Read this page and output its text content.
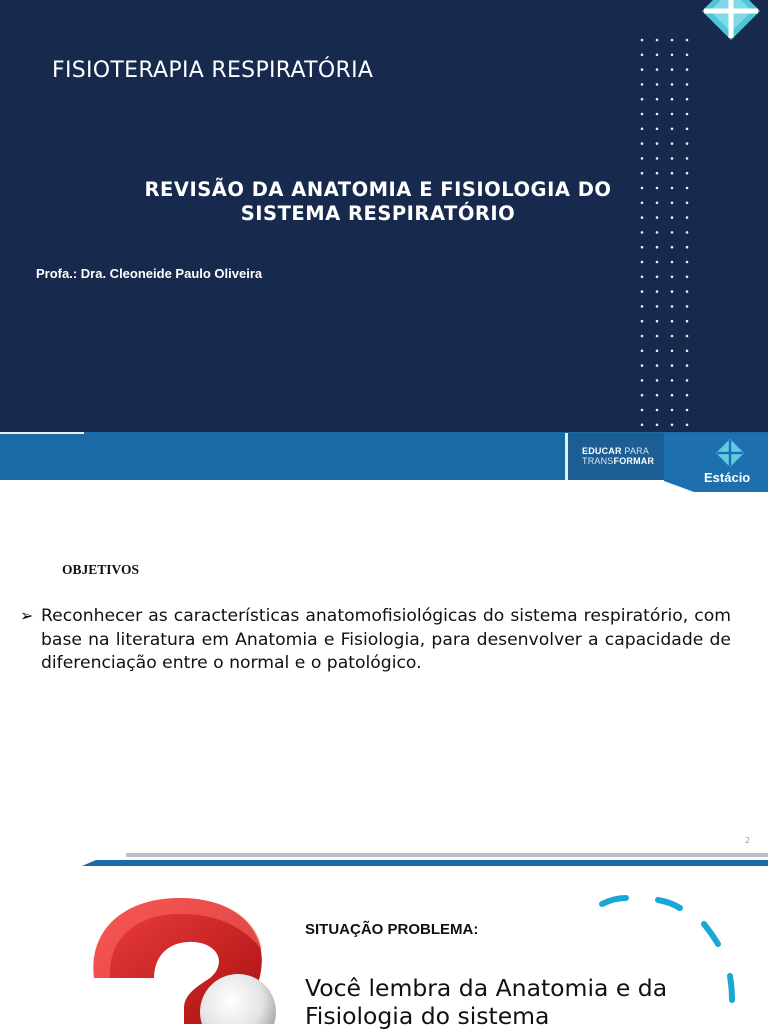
FISIOTERAPIA RESPIRATÓRIA
REVISÃO DA ANATOMIA E FISIOLOGIA DO SISTEMA RESPIRATÓRIO
Profa.: Dra. Cleoneide Paulo Oliveira
EDUCAR PARA
TRANSFORMAR
Estácio
OBJETIVOS
➢ Reconhecer as características anatomofisiológicas do sistema respiratório, com base na literatura em Anatomia e Fisiologia, para desenvolver a capacidade de diferenciação entre o normal e o patológico.
2
SITUAÇÃO PROBLEMA:
Você lembra da Anatomia e da Fisiologia do sistema
